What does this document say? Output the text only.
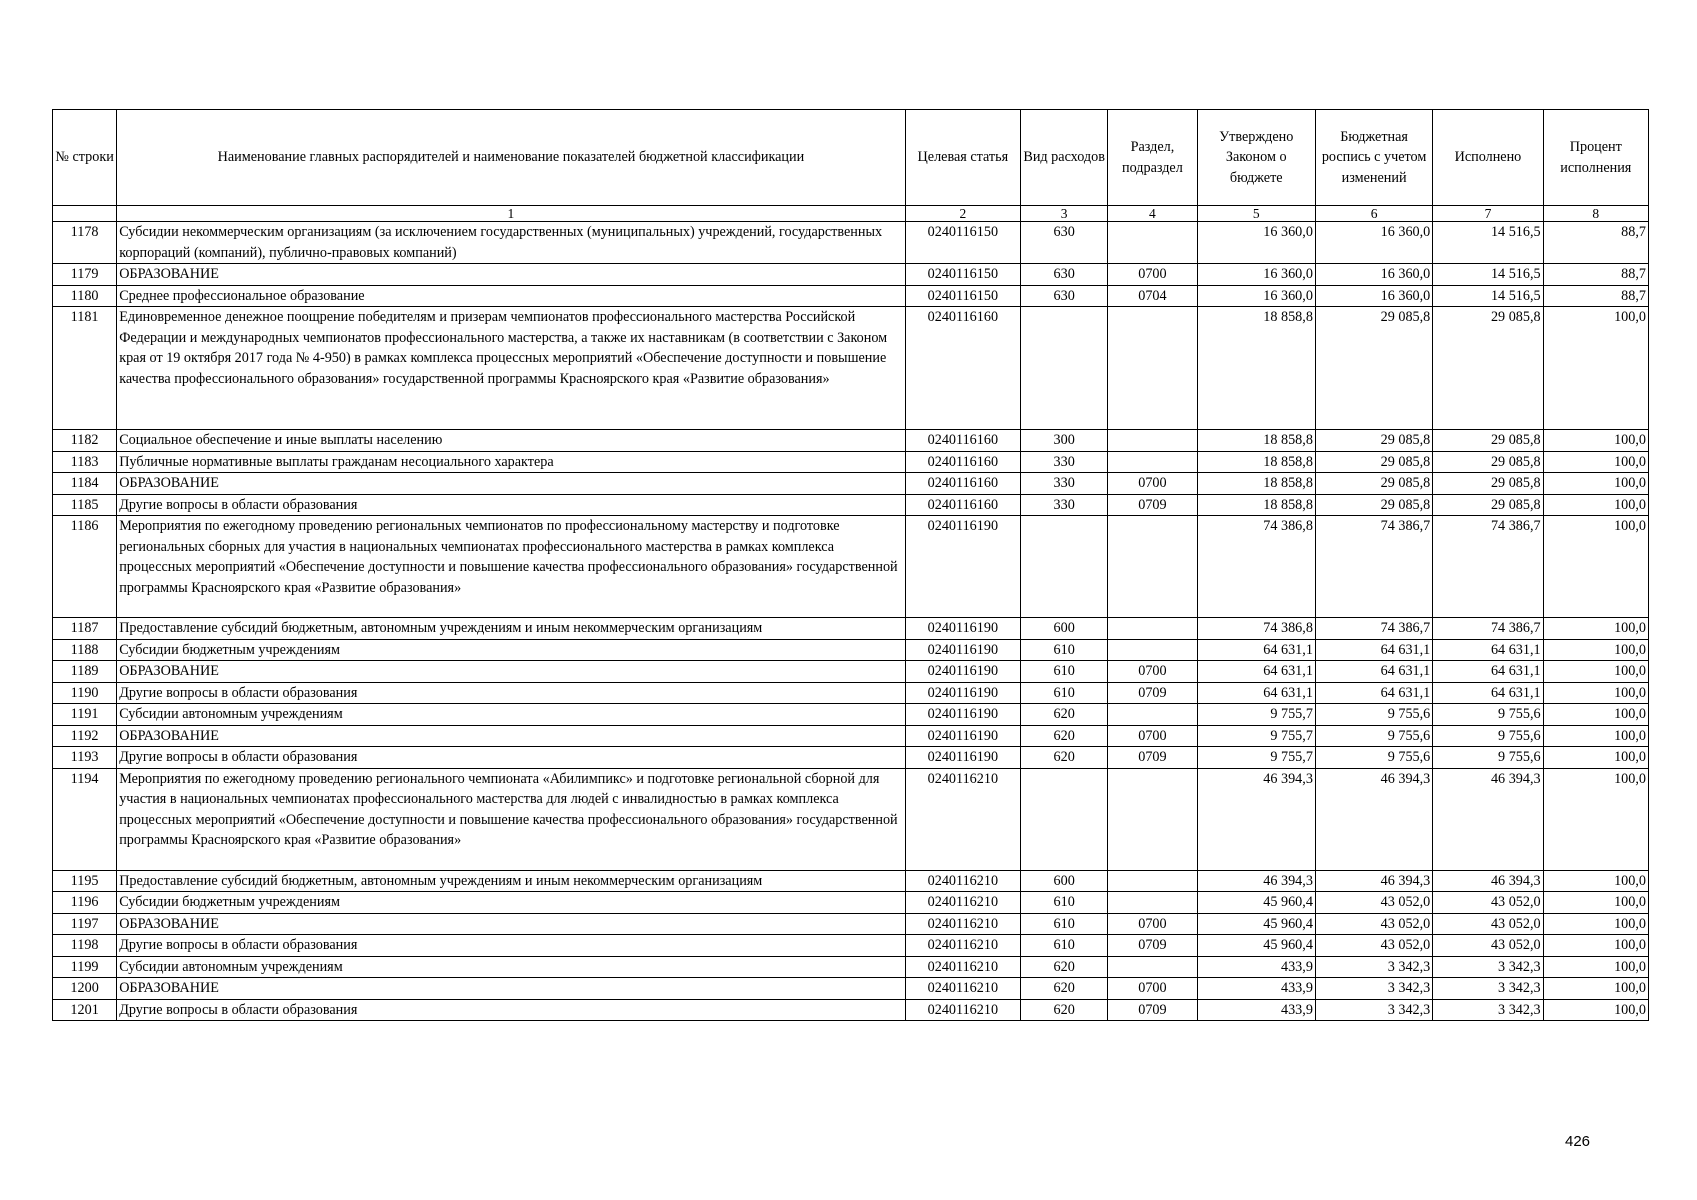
№ строки	Наименование главных распорядителей и наименование показателей бюджетной классификации	Целевая статья	Вид расходов	Раздел, подраздел	Утверждено Законом о бюджете	Бюджетная роспись с учетом изменений	Исполнено	Процент исполнения
	1	2	3	4	5	6	7	8
1178	Субсидии некоммерческим организациям (за исключением государственных (муниципальных) учреждений, государственных корпораций (компаний), публично-правовых компаний)	0240116150	630		16 360,0	16 360,0	14 516,5	88,7
1179	ОБРАЗОВАНИЕ	0240116150	630	0700	16 360,0	16 360,0	14 516,5	88,7
1180	Среднее профессиональное образование	0240116150	630	0704	16 360,0	16 360,0	14 516,5	88,7
1181	Единовременное денежное поощрение победителям и призерам чемпионатов профессионального мастерства Российской Федерации и международных чемпионатов профессионального мастерства, а также их наставникам (в соответствии с Законом края от 19 октября 2017 года № 4-950) в рамках комплекса процессных мероприятий «Обеспечение доступности и повышение качества профессионального образования» государственной программы Красноярского края «Развитие образования»	0240116160			18 858,8	29 085,8	29 085,8	100,0
1182	Социальное обеспечение и иные выплаты населению	0240116160	300		18 858,8	29 085,8	29 085,8	100,0
1183	Публичные нормативные выплаты гражданам несоциального характера	0240116160	330		18 858,8	29 085,8	29 085,8	100,0
1184	ОБРАЗОВАНИЕ	0240116160	330	0700	18 858,8	29 085,8	29 085,8	100,0
1185	Другие вопросы в области образования	0240116160	330	0709	18 858,8	29 085,8	29 085,8	100,0
1186	Мероприятия по ежегодному проведению региональных чемпионатов по профессиональному мастерству и подготовке региональных сборных для участия в национальных чемпионатах профессионального мастерства в рамках комплекса процессных мероприятий «Обеспечение доступности и повышение качества профессионального образования» государственной программы Красноярского края «Развитие образования»	0240116190			74 386,8	74 386,7	74 386,7	100,0
1187	Предоставление субсидий бюджетным, автономным учреждениям и иным некоммерческим организациям	0240116190	600		74 386,8	74 386,7	74 386,7	100,0
1188	Субсидии бюджетным учреждениям	0240116190	610		64 631,1	64 631,1	64 631,1	100,0
1189	ОБРАЗОВАНИЕ	0240116190	610	0700	64 631,1	64 631,1	64 631,1	100,0
1190	Другие вопросы в области образования	0240116190	610	0709	64 631,1	64 631,1	64 631,1	100,0
1191	Субсидии автономным учреждениям	0240116190	620		9 755,7	9 755,6	9 755,6	100,0
1192	ОБРАЗОВАНИЕ	0240116190	620	0700	9 755,7	9 755,6	9 755,6	100,0
1193	Другие вопросы в области образования	0240116190	620	0709	9 755,7	9 755,6	9 755,6	100,0
1194	Мероприятия по ежегодному проведению регионального чемпионата «Абилимпикс» и подготовке региональной сборной для участия в национальных чемпионатах профессионального мастерства для людей с инвалидностью в рамках комплекса процессных мероприятий «Обеспечение доступности и повышение качества профессионального образования» государственной программы Красноярского края «Развитие образования»	0240116210			46 394,3	46 394,3	46 394,3	100,0
1195	Предоставление субсидий бюджетным, автономным учреждениям и иным некоммерческим организациям	0240116210	600		46 394,3	46 394,3	46 394,3	100,0
1196	Субсидии бюджетным учреждениям	0240116210	610		45 960,4	43 052,0	43 052,0	100,0
1197	ОБРАЗОВАНИЕ	0240116210	610	0700	45 960,4	43 052,0	43 052,0	100,0
1198	Другие вопросы в области образования	0240116210	610	0709	45 960,4	43 052,0	43 052,0	100,0
1199	Субсидии автономным учреждениям	0240116210	620		433,9	3 342,3	3 342,3	100,0
1200	ОБРАЗОВАНИЕ	0240116210	620	0700	433,9	3 342,3	3 342,3	100,0
1201	Другие вопросы в области образования	0240116210	620	0709	433,9	3 342,3	3 342,3	100,0
426
